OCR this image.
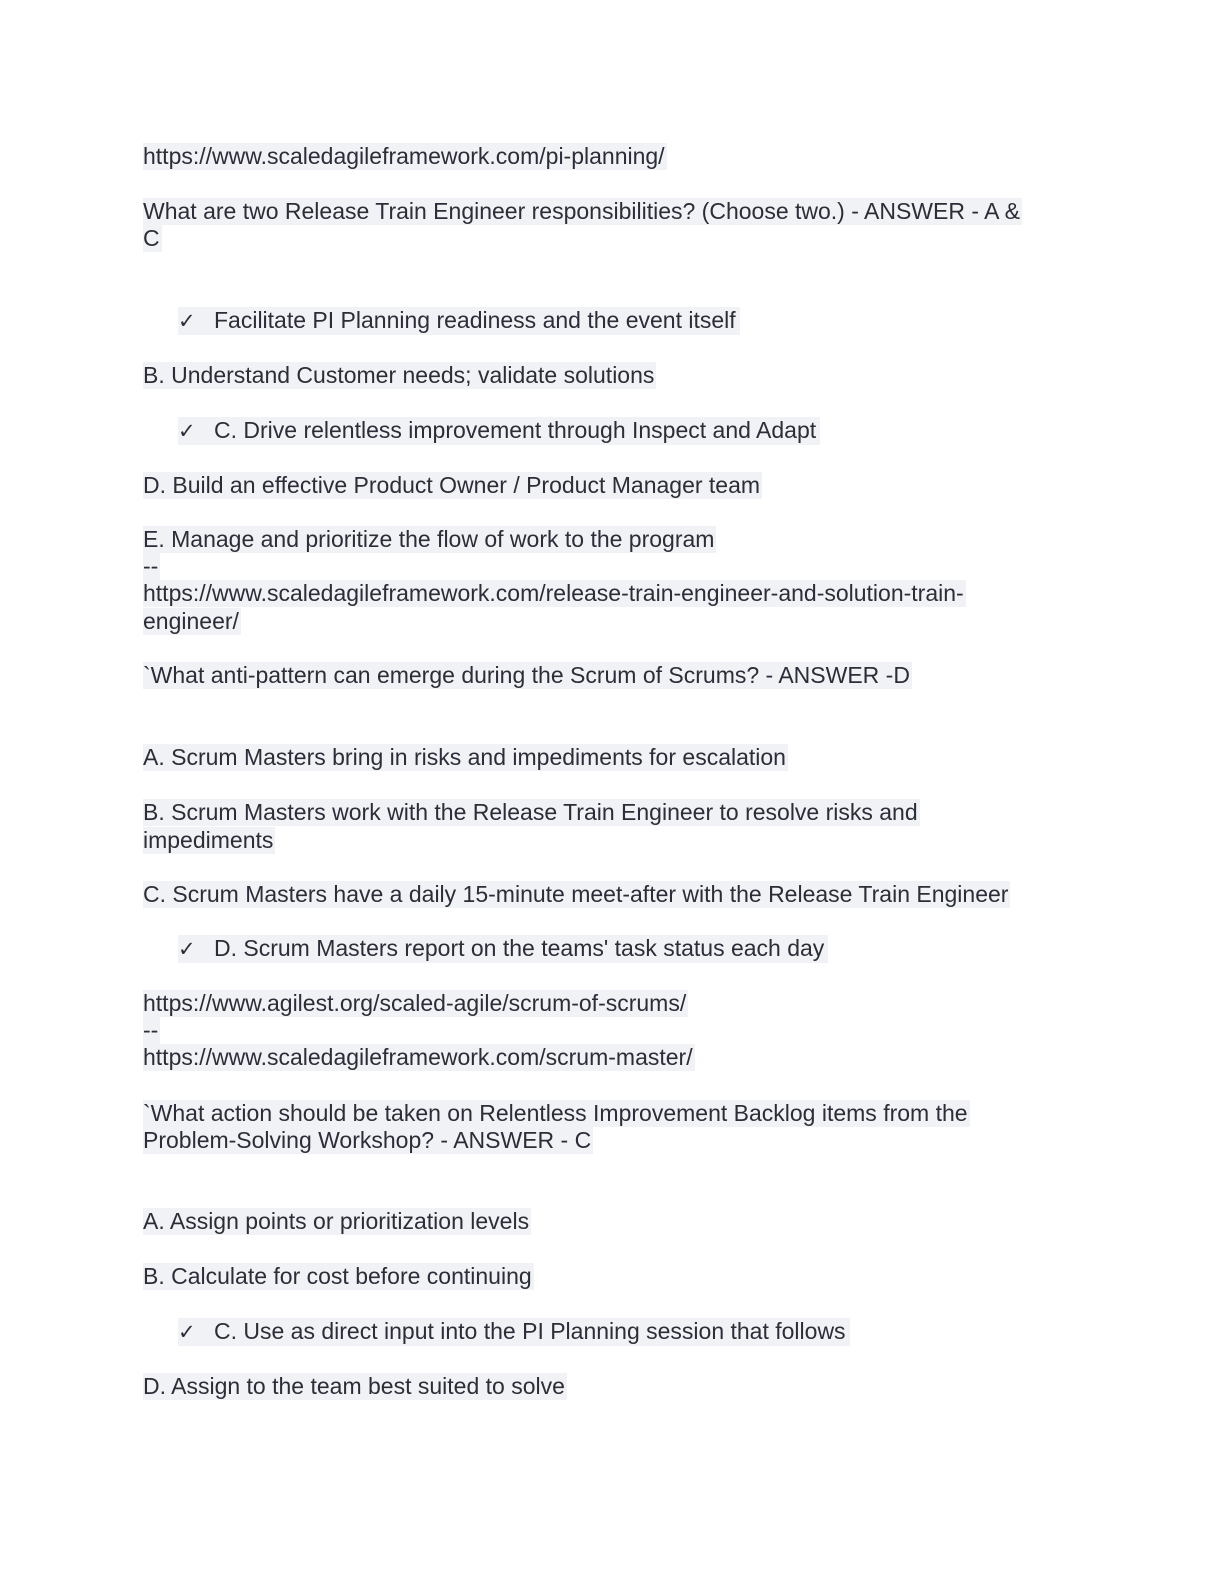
https://www.scaledagileframework.com/pi-planning/
What are two Release Train Engineer responsibilities? (Choose two.) - ANSWER - A &
C
✓ Facilitate PI Planning readiness and the event itself
B. Understand Customer needs; validate solutions
✓ C. Drive relentless improvement through Inspect and Adapt
D. Build an effective Product Owner / Product Manager team
E. Manage and prioritize the flow of work to the program
--
https://www.scaledagileframework.com/release-train-engineer-and-solution-train-
engineer/
`What anti-pattern can emerge during the Scrum of Scrums? - ANSWER -D
A. Scrum Masters bring in risks and impediments for escalation
B. Scrum Masters work with the Release Train Engineer to resolve risks and
impediments
C. Scrum Masters have a daily 15-minute meet-after with the Release Train Engineer
✓ D. Scrum Masters report on the teams' task status each day
https://www.agilest.org/scaled-agile/scrum-of-scrums/
--
https://www.scaledagileframework.com/scrum-master/
`What action should be taken on Relentless Improvement Backlog items from the
Problem-Solving Workshop? - ANSWER - C
A. Assign points or prioritization levels
B. Calculate for cost before continuing
✓ C. Use as direct input into the PI Planning session that follows
D. Assign to the team best suited to solve
